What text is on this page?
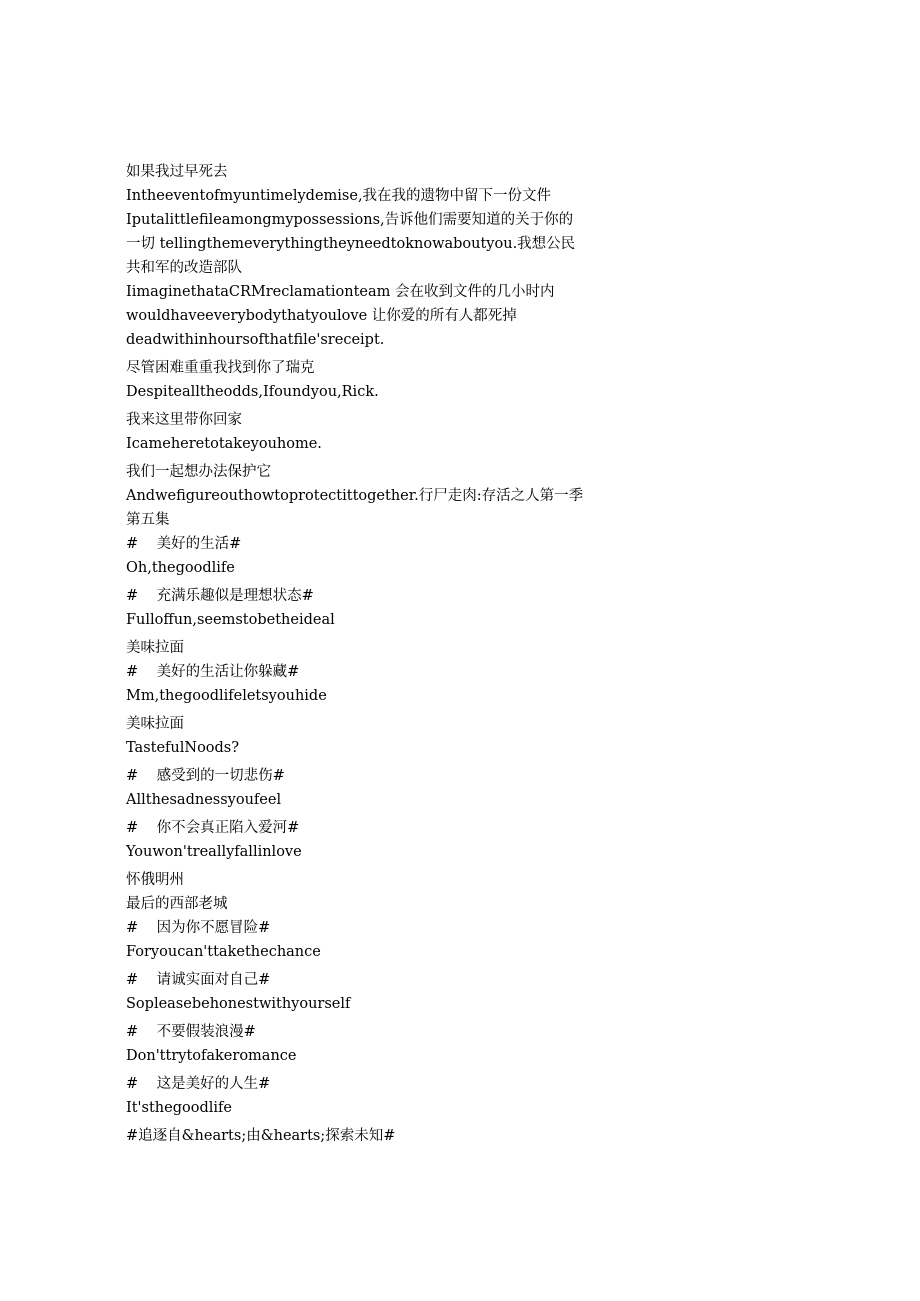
如果我过早死去
Intheeventofmyuntimelydemise,我在我的遗物中留下一份文件
Iputalittlefileamongmypossessions,告诉他们需要知道的关于你的一切 tellingthemeverythingtheyneedtoknowaboutyou.我想公民共和军的改造部队
IimaginethataCRMreclamationteam 会在收到文件的几小时内
wouldhaveeverybodythatyoulove 让你爱的所有人都死掉
deadwithinhoursofthatfile'sreceipt.
尽管困难重重我找到你了瑞克
Despitealltheodds,Ifoundyou,Rick.
我来这里带你回家
Icameheretotakeyouhome.
我们一起想办法保护它
Andwefigureouthowtoprotectittogether.行尸走肉:存活之人第一季第五集
#    美好的生活#
Oh,thegoodlife
#    充满乐趣似是理想状态#
Fulloffun,seemstobetheideal
美味拉面
#    美好的生活让你躲藏#
Mm,thegoodlifeletsyouhide
美味拉面
TastefulNoods?
#    感受到的一切悲伤#
Allthesadnessyoufeel
#    你不会真正陷入爱河#
Youwon'treallyfallinlove
怀俄明州
最后的西部老城
#    因为你不愿冒险#
Foryoucan'ttakethechance
#    请诚实面对自己#
Sopleasebehonestwithyourself
#    不要假装浪漫#
Don'ttrytofakeromance
#    这是美好的人生#
It'sthegoodlife
#追逐自&hearts;由&hearts;探索未知#
